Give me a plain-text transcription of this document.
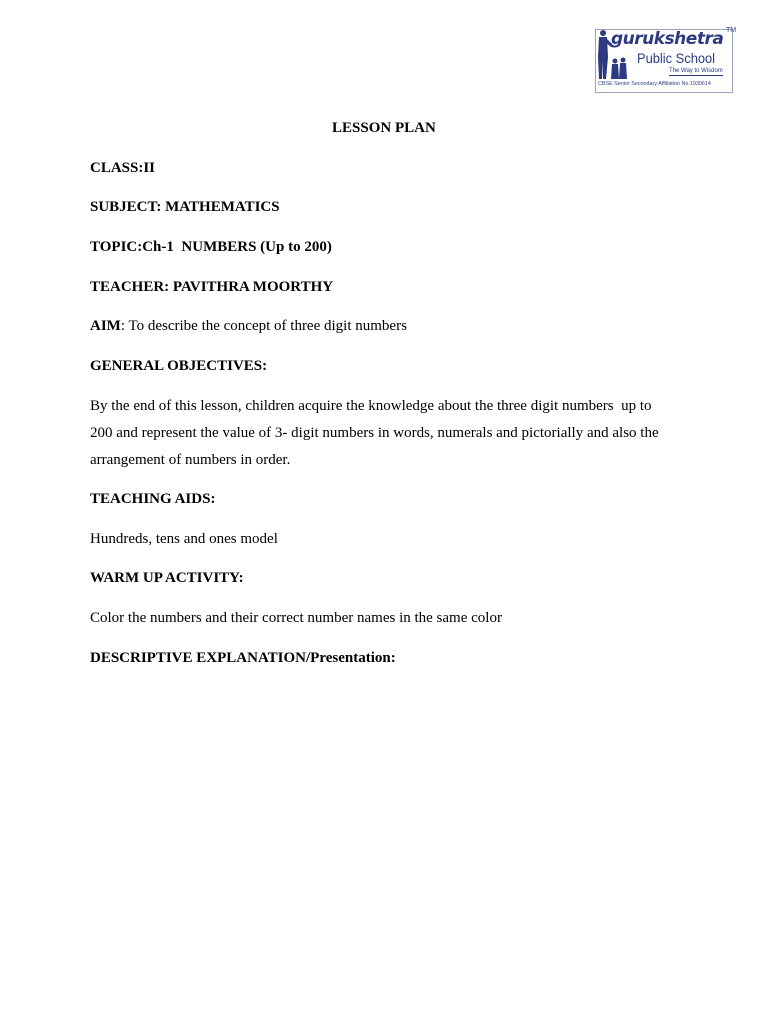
gurukshetra TM
Public School
The Way to Wisdom
CBSE Senior Secondary Affiliation No.1930614
LESSON PLAN
CLASS:II
SUBJECT: MATHEMATICS
TOPIC:Ch-1  NUMBERS (Up to 200)
TEACHER: PAVITHRA MOORTHY
AIM: To describe the concept of three digit numbers
GENERAL OBJECTIVES:
By the end of this lesson, children acquire the knowledge about the three digit numbers  up to
200 and represent the value of 3- digit numbers in words, numerals and pictorially and also the
arrangement of numbers in order.
TEACHING AIDS:
Hundreds, tens and ones model
WARM UP ACTIVITY:
Color the numbers and their correct number names in the same color
DESCRIPTIVE EXPLANATION/Presentation:
